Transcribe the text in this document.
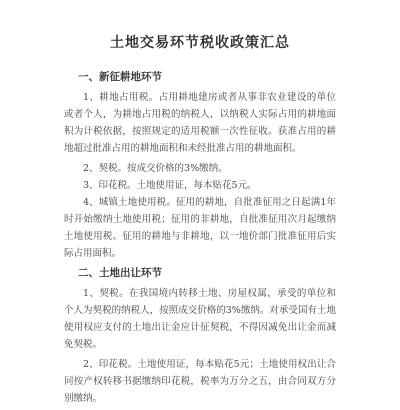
土地交易环节税收政策汇总
一、新征耕地环节

1、耕地占用税。占用耕地建房或者从事非农业建设的单位或者个人，为耕地占用税的纳税人，以纳税人实际占用的耕地面积为计税依据，按照规定的适用税额一次性征收。获准占用的耕地超过批准占用的耕地面积和未经批准占用的耕地面积。

2、契税。按成交价格的3%缴纳。

3、印花税。土地使用证，每本贴花5元。

4、城镇土地使用税。征用的耕地，自批准征用之日起满1年时开始缴纳土地使用税；征用的非耕地，自批准征用次月起缴纳土地使用税。征用的耕地与非耕地，以一地价部门批准征用后实际占用面积。

二、土地出让环节

1、契税。在我国境内转移土地、房屋权属，承受的单位和个人为契税的纳税人，按照成交价格的3%缴纳。对承受国有土地使用权应支付的土地出让金应计征契税，不得因减免出让金而减免契税。

2、印花税。土地使用证，每本贴花5元；土地使用权出让合同按产权转移书据缴纳印花税，税率为万分之五，由合同双方分别缴纳。
